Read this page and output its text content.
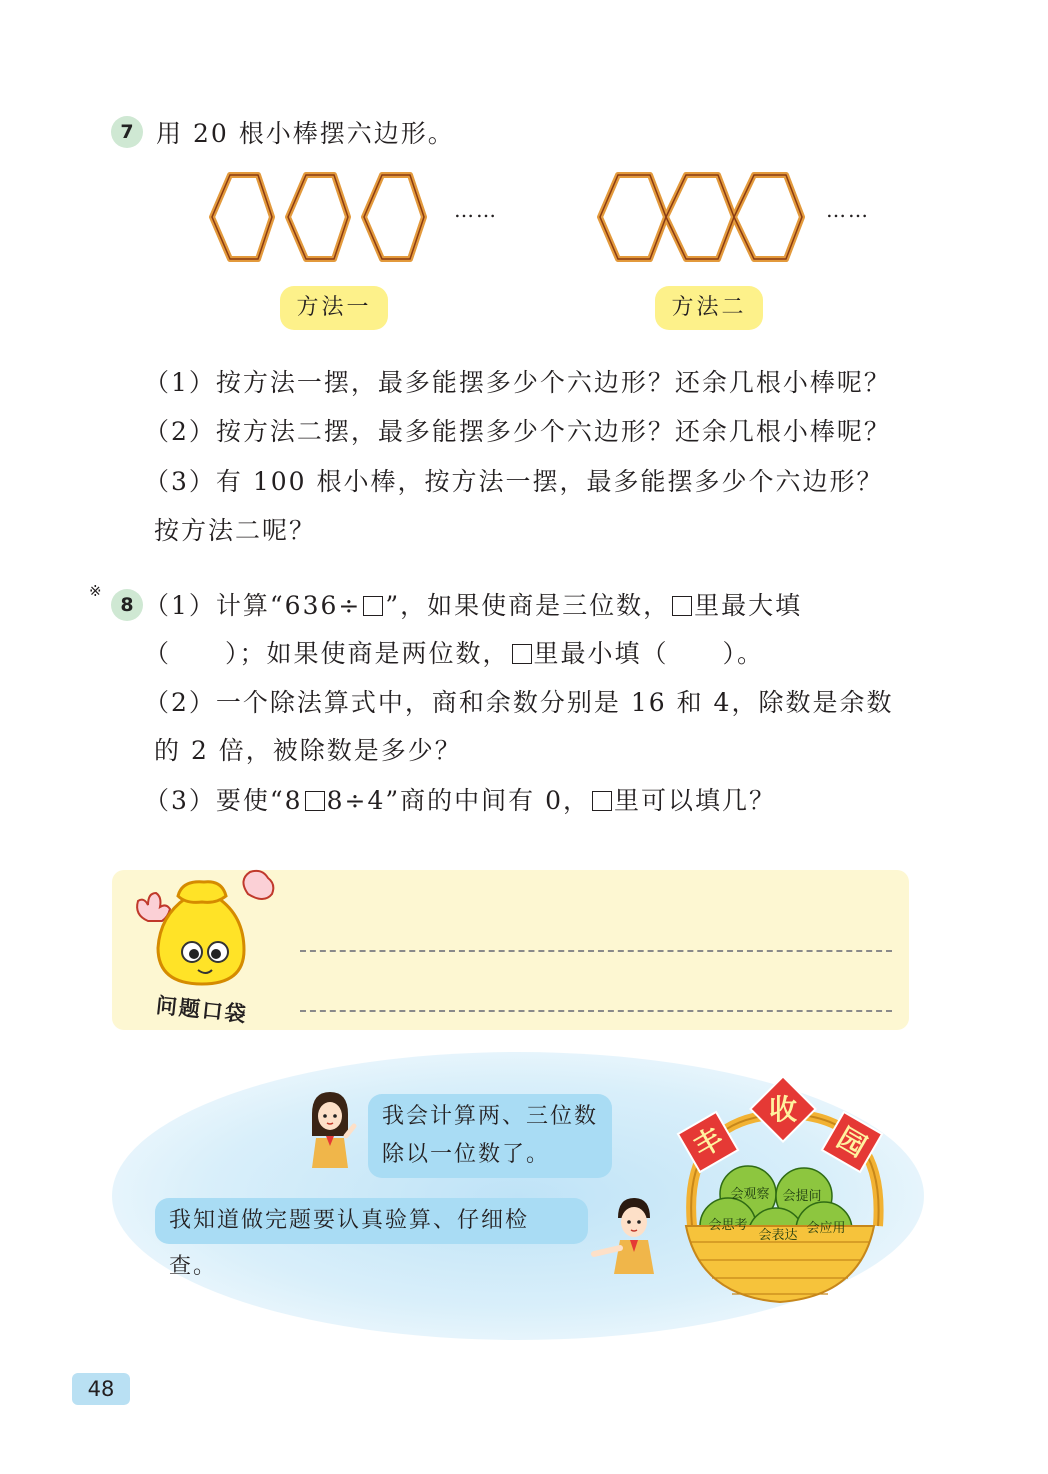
7 用 20 根小棒摆六边形。
……	……
方法一	方法二
（1）按方法一摆，最多能摆多少个六边形？还余几根小棒呢？
（2）按方法二摆，最多能摆多少个六边形？还余几根小棒呢？
（3）有 100 根小棒，按方法一摆，最多能摆多少个六边形？
按方法二呢？
※
8 （1）计算“636÷ ”，如果使商是三位数， 里最大填
（　　）；如果使商是两位数， 里最小填（　　）。
（2）一个除法算式中，商和余数分别是 16 和 4，除数是余数
的 2 倍，被除数是多少？
（3）要使“8 8÷4”商的中间有 0， 里可以填几？
问题口袋
我会计算两、三位数
除以一位数了。
我知道做完题要认真验算、仔细检查。
丰
收
园
会观察 会提问
会思考
会表达 会应用
48
